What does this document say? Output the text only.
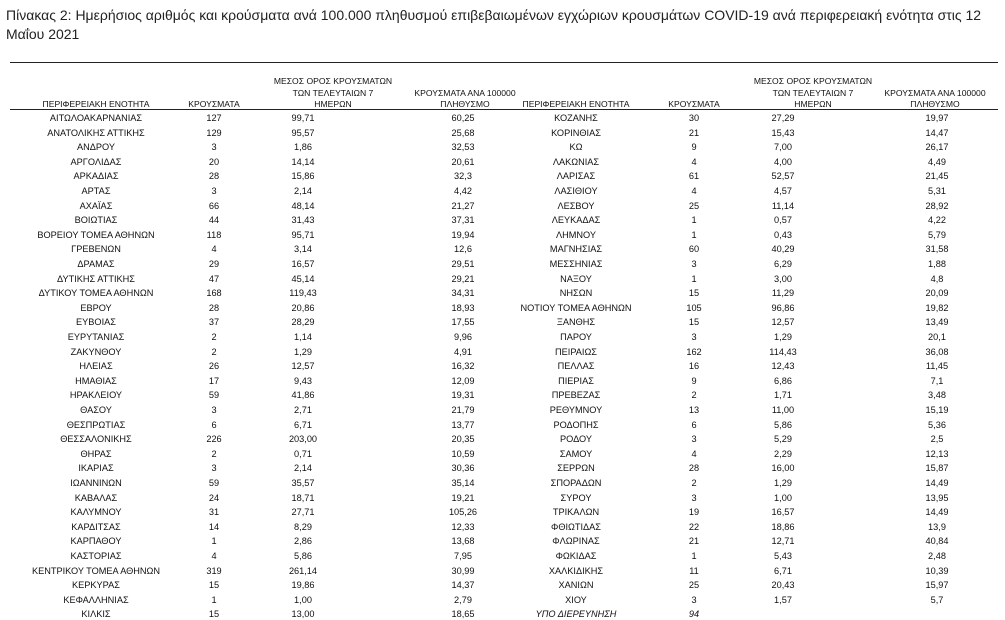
Πίνακας 2: Ημερήσιος αριθμός και κρούσματα ανά 100.000 πληθυσμού επιβεβαιωμένων εγχώριων κρουσμάτων COVID-19 ανά περιφερειακή ενότητα στις 12 Μαΐου 2021
ΠΕΡΙΦΕΡΕΙΑΚΗ ΕΝΟΤΗΤΑ	ΚΡΟΥΣΜΑΤΑ
ΜΕΣΟΣ ΟΡΟΣ ΚΡΟΥΣΜΑΤΩΝ
ΤΩΝ ΤΕΛΕΥΤΑΙΩΝ 7
ΗΜΕΡΩΝ
ΚΡΟΥΣΜΑΤΑ ΑΝΑ 100000
ΠΛΗΘΥΣΜΟ	ΠΕΡΙΦΕΡΕΙΑΚΗ ΕΝΟΤΗΤΑ	ΚΡΟΥΣΜΑΤΑ
ΜΕΣΟΣ ΟΡΟΣ ΚΡΟΥΣΜΑΤΩΝ
ΤΩΝ ΤΕΛΕΥΤΑΙΩΝ 7
ΗΜΕΡΩΝ
ΚΡΟΥΣΜΑΤΑ ΑΝΑ 100000
ΠΛΗΘΥΣΜΟ
ΑΙΤΩΛΟΑΚΑΡΝΑΝΙΑΣ	127	99,71	60,25
ΑΝΑΤΟΛΙΚΗΣ ΑΤΤΙΚΗΣ	129	95,57	25,68
ΑΝΔΡΟΥ	3	1,86	32,53
ΑΡΓΟΛΙΔΑΣ	20	14,14	20,61
ΑΡΚΑΔΙΑΣ	28	15,86	32,3
ΑΡΤΑΣ	3	2,14	4,42
ΑΧΑΪΑΣ	66	48,14	21,27
ΒΟΙΩΤΙΑΣ	44	31,43	37,31
ΒΟΡΕΙΟΥ ΤΟΜΕΑ ΑΘΗΝΩΝ	118	95,71	19,94
ΓΡΕΒΕΝΩΝ	4	3,14	12,6
ΔΡΑΜΑΣ	29	16,57	29,51
ΔΥΤΙΚΗΣ ΑΤΤΙΚΗΣ	47	45,14	29,21
ΔΥΤΙΚΟΥ ΤΟΜΕΑ ΑΘΗΝΩΝ	168	119,43	34,31
ΕΒΡΟΥ	28	20,86	18,93
ΕΥΒΟΙΑΣ	37	28,29	17,55
ΕΥΡΥΤΑΝΙΑΣ	2	1,14	9,96
ΖΑΚΥΝΘΟΥ	2	1,29	4,91
ΗΛΕΙΑΣ	26	12,57	16,32
ΗΜΑΘΙΑΣ	17	9,43	12,09
ΗΡΑΚΛΕΙΟΥ	59	41,86	19,31
ΘΑΣΟΥ	3	2,71	21,79
ΘΕΣΠΡΩΤΙΑΣ	6	6,71	13,77
ΘΕΣΣΑΛΟΝΙΚΗΣ	226	203,00	20,35
ΘΗΡΑΣ	2	0,71	10,59
ΙΚΑΡΙΑΣ	3	2,14	30,36
ΙΩΑΝΝΙΝΩΝ	59	35,57	35,14
ΚΑΒΑΛΑΣ	24	18,71	19,21
ΚΑΛΥΜΝΟΥ	31	27,71	105,26
ΚΑΡΔΙΤΣΑΣ	14	8,29	12,33
ΚΑΡΠΑΘΟΥ	1	2,86	13,68
ΚΑΣΤΟΡΙΑΣ	4	5,86	7,95
ΚΕΝΤΡΙΚΟΥ ΤΟΜΕΑ ΑΘΗΝΩΝ	319	261,14	30,99
ΚΕΡΚΥΡΑΣ	15	19,86	14,37
ΚΕΦΑΛΛΗΝΙΑΣ	1	1,00	2,79
ΚΙΛΚΙΣ	15	13,00	18,65
ΚΟΖΑΝΗΣ	30	27,29	19,97
ΚΟΡΙΝΘΙΑΣ	21	15,43	14,47
ΚΩ	9	7,00	26,17
ΛΑΚΩΝΙΑΣ	4	4,00	4,49
ΛΑΡΙΣΑΣ	61	52,57	21,45
ΛΑΣΙΘΙΟΥ	4	4,57	5,31
ΛΕΣΒΟΥ	25	11,14	28,92
ΛΕΥΚΑΔΑΣ	1	0,57	4,22
ΛΗΜΝΟΥ	1	0,43	5,79
ΜΑΓΝΗΣΙΑΣ	60	40,29	31,58
ΜΕΣΣΗΝΙΑΣ	3	6,29	1,88
ΝΑΞΟΥ	1	3,00	4,8
ΝΗΣΩΝ	15	11,29	20,09
ΝΟΤΙΟΥ ΤΟΜΕΑ ΑΘΗΝΩΝ	105	96,86	19,82
ΞΑΝΘΗΣ	15	12,57	13,49
ΠΑΡΟΥ	3	1,29	20,1
ΠΕΙΡΑΙΩΣ	162	114,43	36,08
ΠΕΛΛΑΣ	16	12,43	11,45
ΠΙΕΡΙΑΣ	9	6,86	7,1
ΠΡΕΒΕΖΑΣ	2	1,71	3,48
ΡΕΘΥΜΝΟΥ	13	11,00	15,19
ΡΟΔΟΠΗΣ	6	5,86	5,36
ΡΟΔΟΥ	3	5,29	2,5
ΣΑΜΟΥ	4	2,29	12,13
ΣΕΡΡΩΝ	28	16,00	15,87
ΣΠΟΡΑΔΩΝ	2	1,29	14,49
ΣΥΡΟΥ	3	1,00	13,95
ΤΡΙΚΑΛΩΝ	19	16,57	14,49
ΦΘΙΩΤΙΔΑΣ	22	18,86	13,9
ΦΛΩΡΙΝΑΣ	21	12,71	40,84
ΦΩΚΙΔΑΣ	1	5,43	2,48
ΧΑΛΚΙΔΙΚΗΣ	11	6,71	10,39
ΧΑΝΙΩΝ	25	20,43	15,97
ΧΙΟΥ	3	1,57	5,7
ΥΠΟ ΔΙΕΡΕΥΝΗΣΗ	94
